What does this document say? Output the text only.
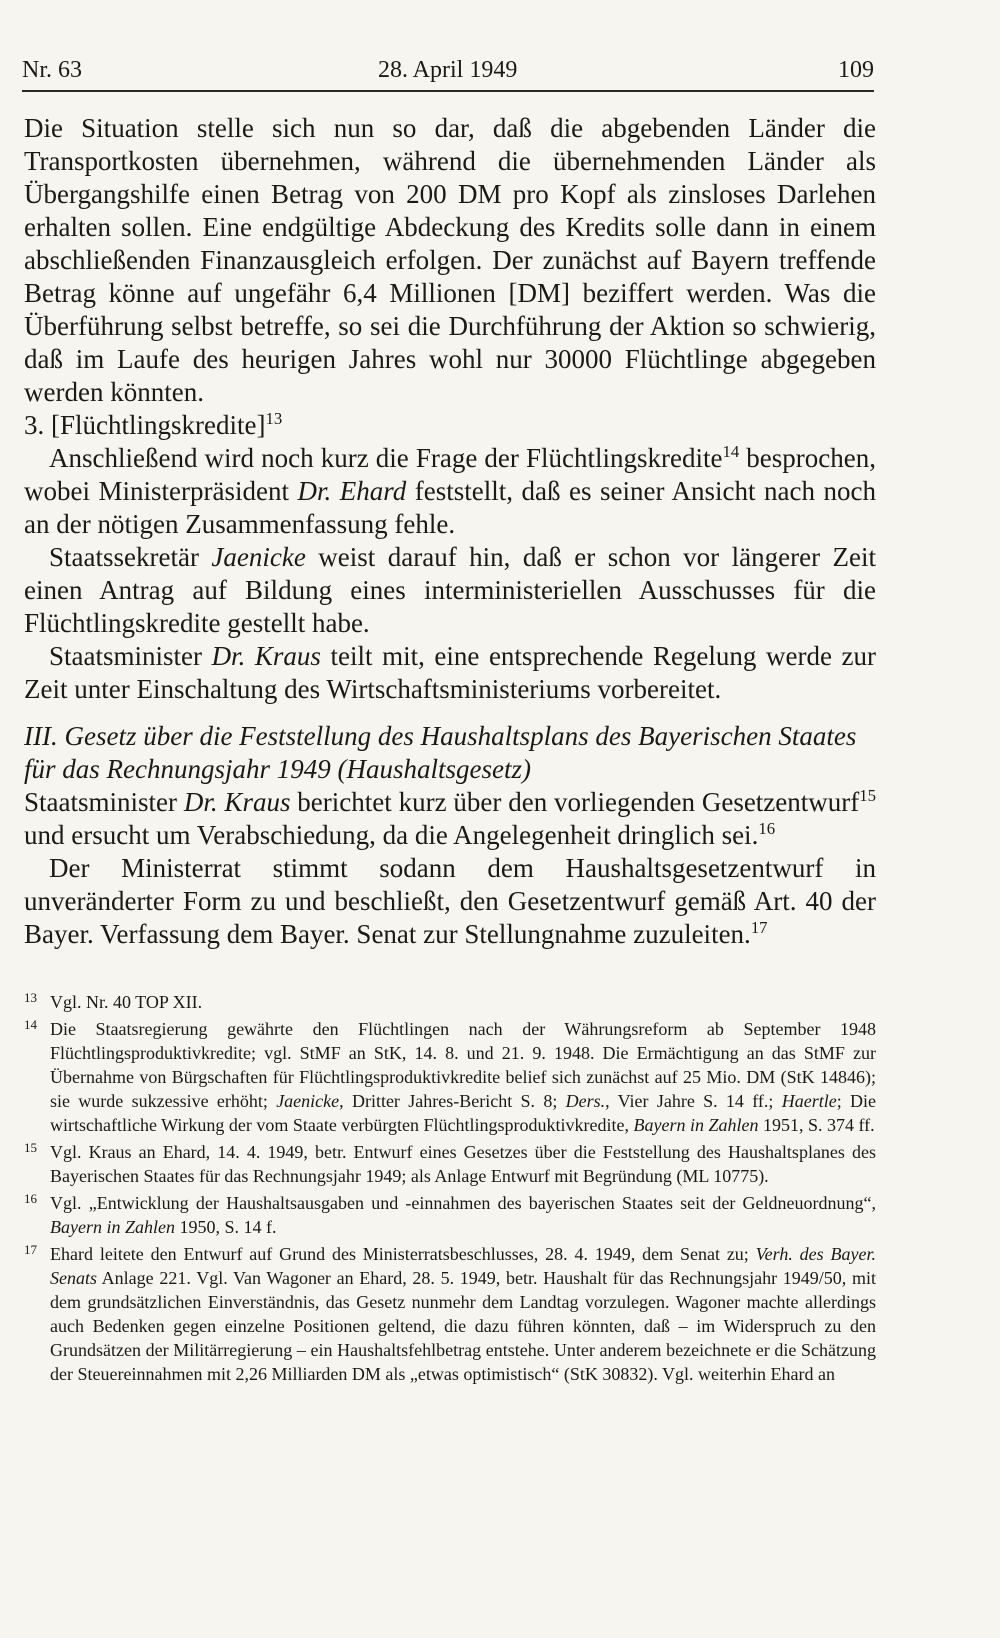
Nr. 63	28. April 1949	109

Die Situation stelle sich nun so dar, daß die abgebenden Länder die Transportkosten übernehmen, während die übernehmenden Länder als Übergangshilfe einen Betrag von 200 DM pro Kopf als zinsloses Darlehen erhalten sollen. Eine endgültige Abdeckung des Kredits solle dann in einem abschließenden Finanzausgleich erfolgen. Der zunächst auf Bayern treffende Betrag könne auf ungefähr 6,4 Millionen [DM] beziffert werden. Was die Überführung selbst betreffe, so sei die Durchführung der Aktion so schwierig, daß im Laufe des heurigen Jahres wohl nur 30000 Flüchtlinge abgegeben werden könnten.

3. [Flüchtlingskredite]$^{13}$

Anschließend wird noch kurz die Frage der Flüchtlingskredite$^{14}$ besprochen, wobei Ministerpräsident Dr. Ehard feststellt, daß es seiner Ansicht nach noch an der nötigen Zusammenfassung fehle.

Staatssekretär Jaenicke weist darauf hin, daß er schon vor längerer Zeit einen Antrag auf Bildung eines interministeriellen Ausschusses für die Flüchtlingskredite gestellt habe.

Staatsminister Dr. Kraus teilt mit, eine entsprechende Regelung werde zur Zeit unter Einschaltung des Wirtschaftsministeriums vorbereitet.

III. Gesetz über die Feststellung des Haushaltsplans des Bayerischen Staates für das Rechnungsjahr 1949 (Haushaltsgesetz)

Staatsminister Dr. Kraus berichtet kurz über den vorliegenden Gesetzentwurf$^{15}$ und ersucht um Verabschiedung, da die Angelegenheit dringlich sei.$^{16}$

Der Ministerrat stimmt sodann dem Haushaltsgesetzentwurf in unveränderter Form zu und beschließt, den Gesetzentwurf gemäß Art. 40 der Bayer. Verfassung dem Bayer. Senat zur Stellungnahme zuzuleiten.$^{17}$

13 Vgl. Nr. 40 TOP XII.
14 Die Staatsregierung gewährte den Flüchtlingen nach der Währungsreform ab September 1948 Flüchtlingsproduktivkredite; vgl. StMF an StK, 14. 8. und 21. 9. 1948. Die Ermächtigung an das StMF zur Übernahme von Bürgschaften für Flüchtlingsproduktivkredite belief sich zunächst auf 25 Mio. DM (StK 14846); sie wurde sukzessive erhöht; Jaenicke, Dritter Jahres-Bericht S. 8; Ders., Vier Jahre S. 14 ff.; Haertle; Die wirtschaftliche Wirkung der vom Staate verbürgten Flüchtlingsproduktivkredite, Bayern in Zahlen 1951, S. 374 ff.
15 Vgl. Kraus an Ehard, 14. 4. 1949, betr. Entwurf eines Gesetzes über die Feststellung des Haushaltsplanes des Bayerischen Staates für das Rechnungsjahr 1949; als Anlage Entwurf mit Begründung (ML 10775).
16 Vgl. „Entwicklung der Haushaltsausgaben und -einnahmen des bayerischen Staates seit der Geldneuordnung“, Bayern in Zahlen 1950, S. 14 f.
17 Ehard leitete den Entwurf auf Grund des Ministerratsbeschlusses, 28. 4. 1949, dem Senat zu; Verh. des Bayer. Senats Anlage 221. Vgl. Van Wagoner an Ehard, 28. 5. 1949, betr. Haushalt für das Rechnungsjahr 1949/50, mit dem grundsätzlichen Einverständnis, das Gesetz nunmehr dem Landtag vorzulegen. Wagoner machte allerdings auch Bedenken gegen einzelne Positionen geltend, die dazu führen könnten, daß – im Widerspruch zu den Grundsätzen der Militärregierung – ein Haushaltsfehlbetrag entstehe. Unter anderem bezeichnete er die Schätzung der Steuereinnahmen mit 2,26 Milliarden DM als „etwas optimistisch“ (StK 30832). Vgl. weiterhin Ehard an
